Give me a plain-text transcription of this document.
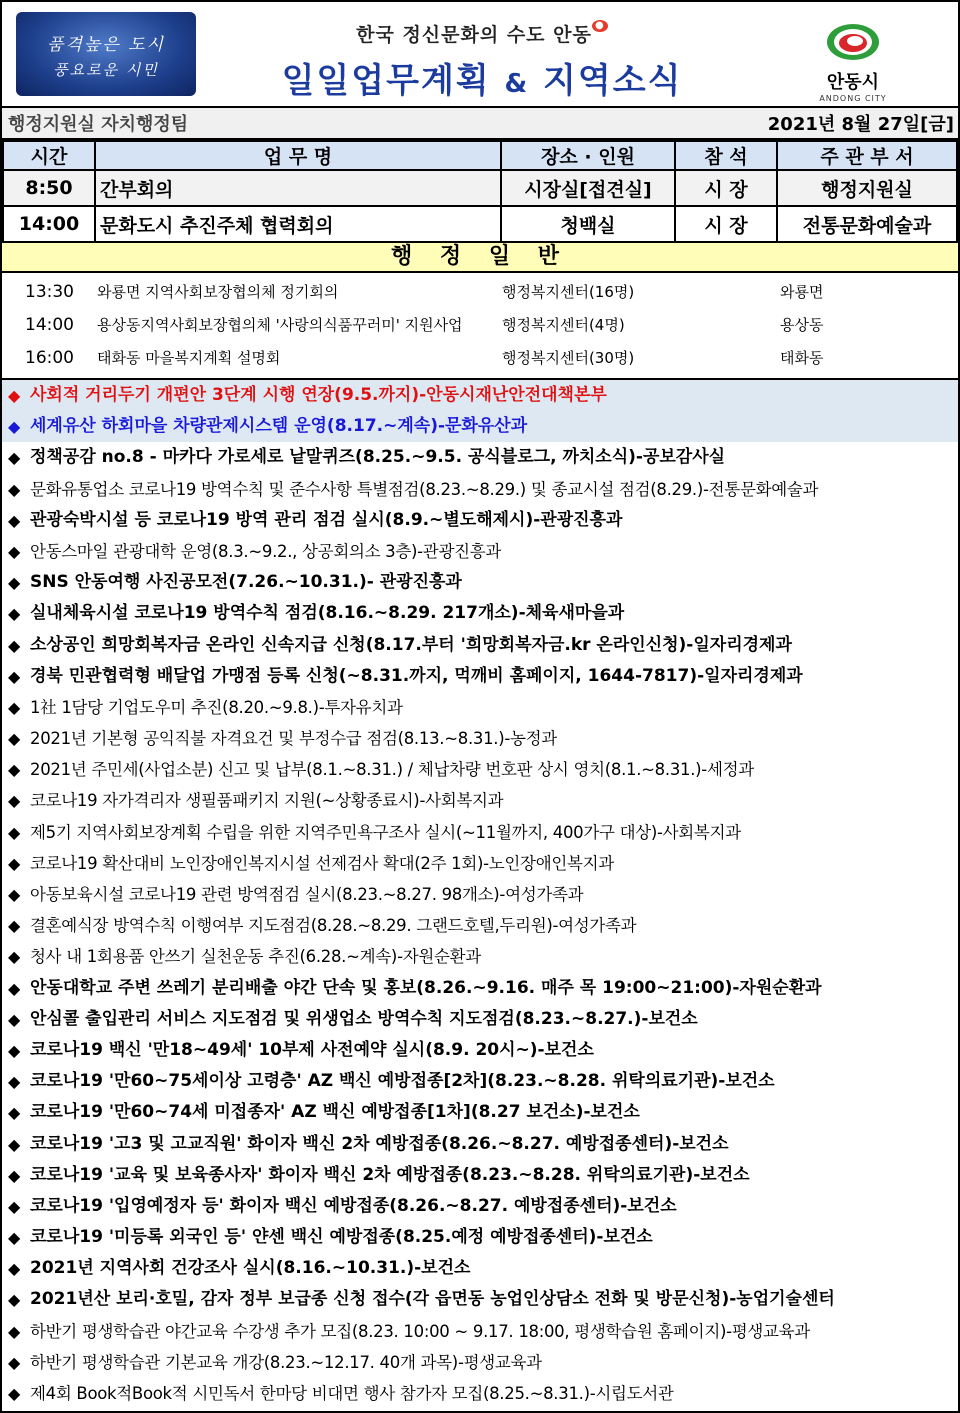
품격높은 도시
풍요로운 시민
한국 정신문화의 수도 안동 ●
일일업무계획 & 지역소식	안동시
ANDONG CITY
행정지원실 자치행정팀	2021년 8월 27일[금]
시간	업 무 명	장소 · 인원	참 석	주 관 부 서
8:50	간부회의	시장실[접견실]	시 장	행정지원실
14:00	문화도시 추진주체 협력회의	청백실	시 장	전통문화예술과
행 정 일 반
13:30	와룡면 지역사회보장협의체 정기회의	행정복지센터(16명)	와룡면
14:00	용상동지역사회보장협의체 '사랑의식품꾸러미' 지원사업	행정복지센터(4명)	용상동
16:00	태화동 마을복지계획 설명회	행정복지센터(30명)	태화동
◆ 사회적 거리두기 개편안 3단계 시행 연장(9.5.까지)-안동시재난안전대책본부
◆ 세계유산 하회마을 차량관제시스템 운영(8.17.~계속)-문화유산과
◆ 정책공감 no.8 - 마카다 가로세로 낱말퀴즈(8.25.~9.5. 공식블로그, 까치소식)-공보감사실
◆ 문화유통업소 코로나19 방역수칙 및 준수사항 특별점검(8.23.~8.29.) 및 종교시설 점검(8.29.)-전통문화예술과
◆ 관광숙박시설 등 코로나19 방역 관리 점검 실시(8.9.~별도해제시)-관광진흥과
◆ 안동스마일 관광대학 운영(8.3.~9.2., 상공회의소 3층)-관광진흥과
◆ SNS 안동여행 사진공모전(7.26.~10.31.)- 관광진흥과
◆ 실내체육시설 코로나19 방역수칙 점검(8.16.~8.29. 217개소)-체육새마을과
◆ 소상공인 희망회복자금 온라인 신속지급 신청(8.17.부터 '희망회복자금.kr 온라인신청)-일자리경제과
◆ 경북 민관협력형 배달업 가맹점 등록 신청(~8.31.까지, 먹깨비 홈페이지, 1644-7817)-일자리경제과
◆ 1社 1담당 기업도우미 추진(8.20.~9.8.)-투자유치과
◆ 2021년 기본형 공익직불 자격요건 및 부정수급 점검(8.13.~8.31.)-농정과
◆ 2021년 주민세(사업소분) 신고 및 납부(8.1.~8.31.) / 체납차량 번호판 상시 영치(8.1.~8.31.)-세정과
◆ 코로나19 자가격리자 생필품패키지 지원(~상황종료시)-사회복지과
◆ 제5기 지역사회보장계획 수립을 위한 지역주민욕구조사 실시(~11월까지, 400가구 대상)-사회복지과
◆ 코로나19 확산대비 노인장애인복지시설 선제검사 확대(2주 1회)-노인장애인복지과
◆ 아동보육시설 코로나19 관련 방역점검 실시(8.23.~8.27. 98개소)-여성가족과
◆ 결혼예식장 방역수칙 이행여부 지도점검(8.28.~8.29. 그랜드호텔,두리원)-여성가족과
◆ 청사 내 1회용품 안쓰기 실천운동 추진(6.28.~계속)-자원순환과
◆ 안동대학교 주변 쓰레기 분리배출 야간 단속 및 홍보(8.26.~9.16. 매주 목 19:00~21:00)-자원순환과
◆ 안심콜 출입관리 서비스 지도점검 및 위생업소 방역수칙 지도점검(8.23.~8.27.)-보건소
◆ 코로나19 백신 '만18~49세' 10부제 사전예약 실시(8.9. 20시~)-보건소
◆ 코로나19 '만60~75세이상 고령층' AZ 백신 예방접종[2차](8.23.~8.28. 위탁의료기관)-보건소
◆ 코로나19 '만60~74세 미접종자' AZ 백신 예방접종[1차](8.27 보건소)-보건소
◆ 코로나19 '고3 및 고교직원' 화이자 백신 2차 예방접종(8.26.~8.27. 예방접종센터)-보건소
◆ 코로나19 '교육 및 보육종사자' 화이자 백신 2차 예방접종(8.23.~8.28. 위탁의료기관)-보건소
◆ 코로나19 '입영예정자 등' 화이자 백신 예방접종(8.26.~8.27. 예방접종센터)-보건소
◆ 코로나19 '미등록 외국인 등' 얀센 백신 예방접종(8.25.예정 예방접종센터)-보건소
◆ 2021년 지역사회 건강조사 실시(8.16.~10.31.)-보건소
◆ 2021년산 보리·호밀, 감자 정부 보급종 신청 접수(각 읍면동 농업인상담소 전화 및 방문신청)-농업기술센터
◆ 하반기 평생학습관 야간교육 수강생 추가 모집(8.23. 10:00 ~ 9.17. 18:00, 평생학습원 홈페이지)-평생교육과
◆ 하반기 평생학습관 기본교육 개강(8.23.~12.17. 40개 과목)-평생교육과
◆ 제4회 Book적Book적 시민독서 한마당 비대면 행사 참가자 모집(8.25.~8.31.)-시립도서관
